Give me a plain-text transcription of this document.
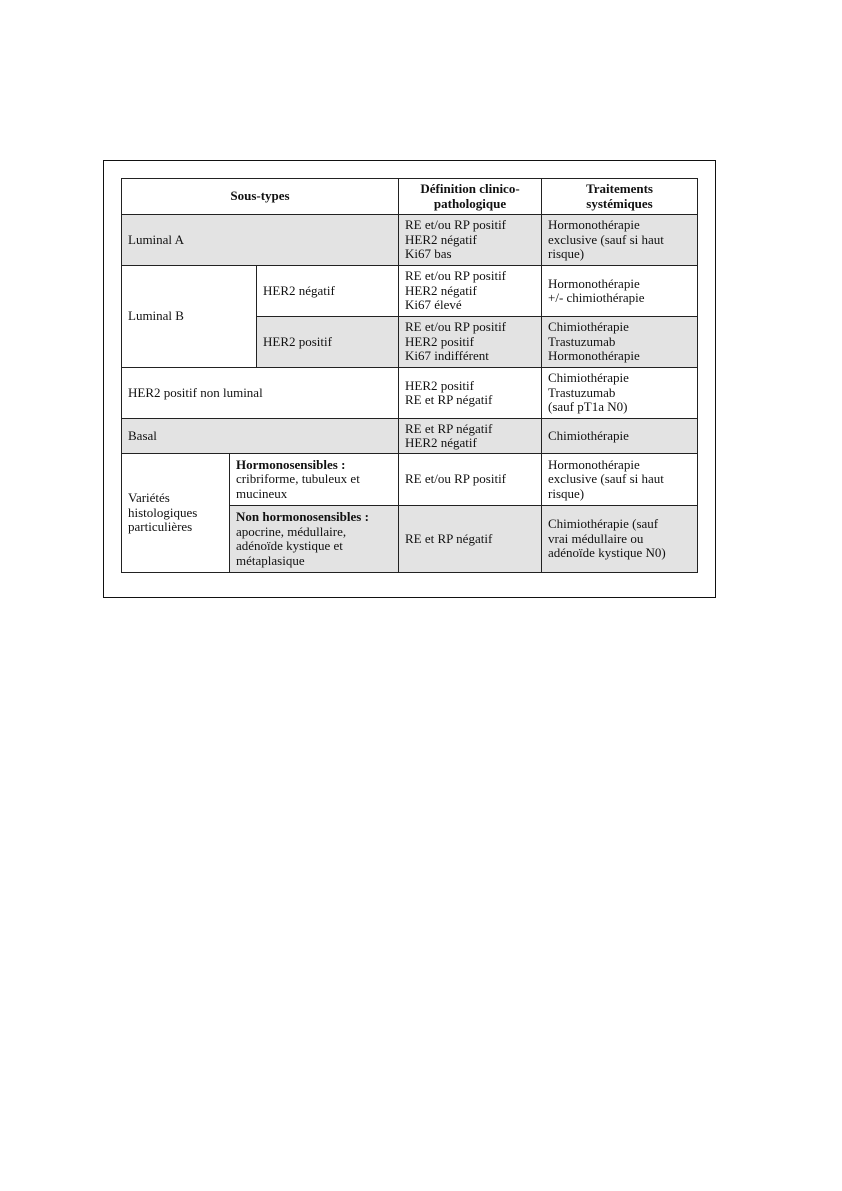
Sous-types			Définition clinico-
pathologique	Traitements
systémiques
Luminal A			RE et/ou RP positif
HER2 négatif
Ki67 bas	Hormonothérapie
exclusive (sauf si haut
risque)
Luminal B		HER2 négatif	RE et/ou RP positif
HER2 négatif
Ki67 élevé	Hormonothérapie
+/- chimiothérapie
		HER2 positif	RE et/ou RP positif
HER2 positif
Ki67 indifférent	Chimiothérapie
Trastuzumab
Hormonothérapie
HER2 positif non luminal			HER2 positif
RE et RP négatif	Chimiothérapie
Trastuzumab
(sauf pT1a N0)
Basal			RE et RP négatif
HER2 négatif	Chimiothérapie
Variétés
histologiques
particulières	Hormonosensibles :
cribriforme, tubuleux et
mucineux		RE et/ou RP positif	Hormonothérapie
exclusive (sauf si haut
risque)

	Non hormonosensibles :
apocrine, médullaire,
adénoïde kystique et
métaplasique		RE et RP négatif	Chimiothérapie (sauf
vrai médullaire ou
adénoïde kystique N0)
